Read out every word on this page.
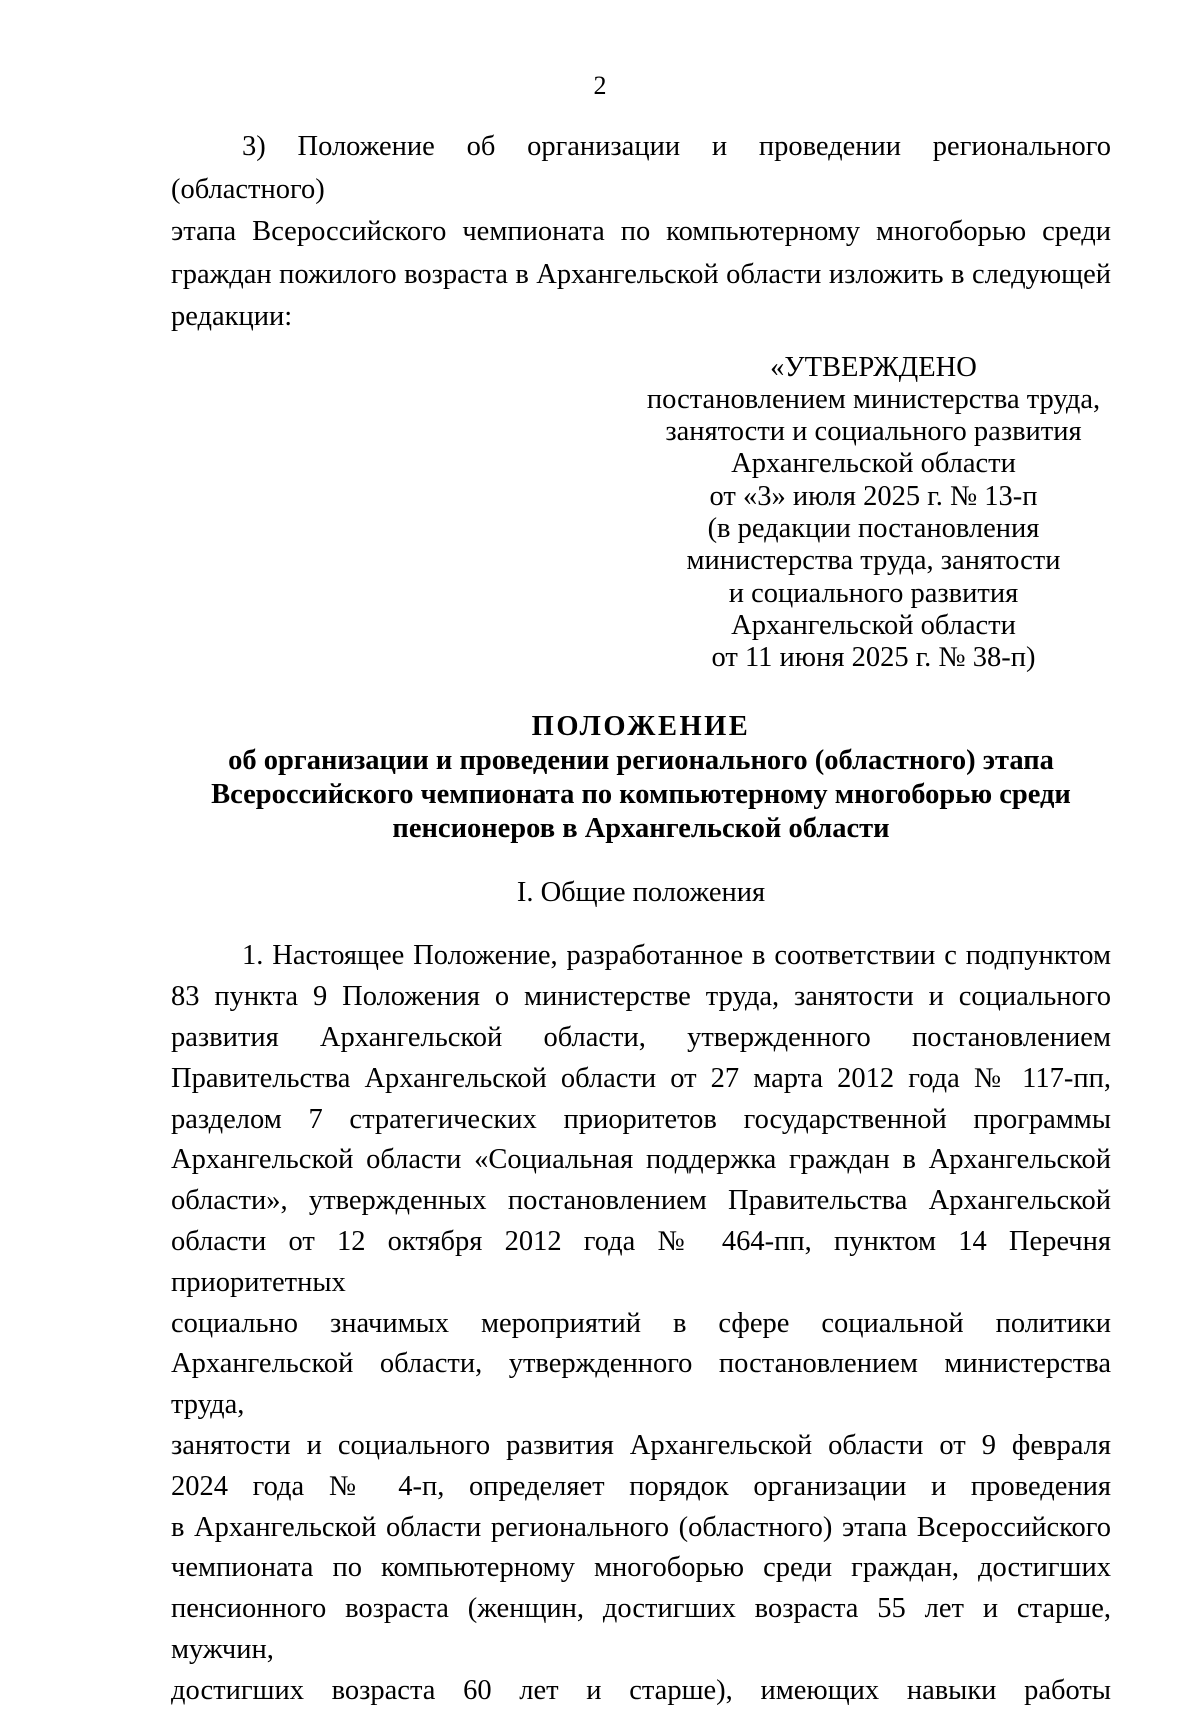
2

3) Положение об организации и проведении регионального (областного)
этапа Всероссийского чемпионата по компьютерному многоборью среди
граждан пожилого возраста в Архангельской области изложить в следующей
редакции:

«УТВЕРЖДЕНО
постановлением министерства труда,
занятости и социального развития
Архангельской области
от «3» июля 2025 г. № 13-п
(в редакции постановления
министерства труда, занятости
и социального развития
Архангельской области
от 11 июня 2025 г. № 38-п)
ПОЛОЖЕНИЕ
об организации и проведении регионального (областного) этапа
Всероссийского чемпионата по компьютерному многоборью среди
пенсионеров в Архангельской области
I. Общие положения

1. Настоящее Положение, разработанное в соответствии с подпунктом
83 пункта 9 Положения о министерстве труда, занятости и социального
развития Архангельской области, утвержденного постановлением
Правительства Архангельской области от 27 марта 2012 года № 117-пп,
разделом 7 стратегических приоритетов государственной программы
Архангельской области «Социальная поддержка граждан в Архангельской
области», утвержденных постановлением Правительства Архангельской
области от 12 октября 2012 года № 464-пп, пунктом 14 Перечня приоритетных
социально значимых мероприятий в сфере социальной политики
Архангельской области, утвержденного постановлением министерства труда,
занятости и социального развития Архангельской области от 9 февраля
2024 года № 4-п, определяет порядок организации и проведения
в Архангельской области регионального (областного) этапа Всероссийского
чемпионата по компьютерному многоборью среди граждан, достигших
пенсионного возраста (женщин, достигших возраста 55 лет и старше, мужчин,
достигших возраста 60 лет и старше), имеющих навыки работы
